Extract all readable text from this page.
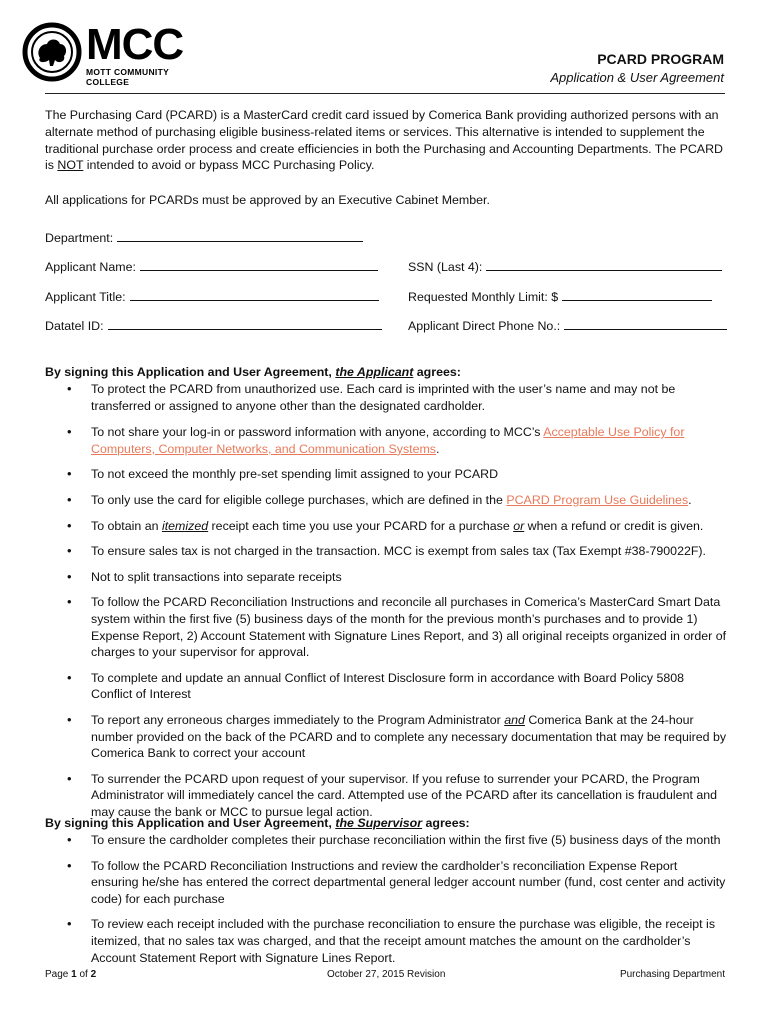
MCC
MOTT COMMUNITY COLLEGE
PCARD PROGRAM
Application & User Agreement
The Purchasing Card (PCARD) is a MasterCard credit card issued by Comerica Bank providing authorized persons with an alternate method of purchasing eligible business-related items or services. This alternative is intended to supplement the traditional purchase order process and create efficiencies in both the Purchasing and Accounting Departments. The PCARD is NOT intended to avoid or bypass MCC Purchasing Policy.
All applications for PCARDs must be approved by an Executive Cabinet Member.
Department:
Applicant Name:	SSN (Last 4):
Applicant Title:	Requested Monthly Limit: $
Datatel ID:	Applicant Direct Phone No.:
By signing this Application and User Agreement, the Applicant agrees:
• To protect the PCARD from unauthorized use. Each card is imprinted with the user’s name and may not be transferred or assigned to anyone other than the designated cardholder.
• To not share your log-in or password information with anyone, according to MCC’s Acceptable Use Policy for Computers, Computer Networks, and Communication Systems.
• To not exceed the monthly pre-set spending limit assigned to your PCARD
• To only use the card for eligible college purchases, which are defined in the PCARD Program Use Guidelines.
• To obtain an itemized receipt each time you use your PCARD for a purchase or when a refund or credit is given.
• To ensure sales tax is not charged in the transaction. MCC is exempt from sales tax (Tax Exempt #38-790022F).
• Not to split transactions into separate receipts
• To follow the PCARD Reconciliation Instructions and reconcile all purchases in Comerica’s MasterCard Smart Data system within the first five (5) business days of the month for the previous month’s purchases and to provide 1) Expense Report, 2) Account Statement with Signature Lines Report, and 3) all original receipts organized in order of charges to your supervisor for approval.
• To complete and update an annual Conflict of Interest Disclosure form in accordance with Board Policy 5808 Conflict of Interest
• To report any erroneous charges immediately to the Program Administrator and Comerica Bank at the 24-hour number provided on the back of the PCARD and to complete any necessary documentation that may be required by Comerica Bank to correct your account
• To surrender the PCARD upon request of your supervisor. If you refuse to surrender your PCARD, the Program Administrator will immediately cancel the card. Attempted use of the PCARD after its cancellation is fraudulent and may cause the bank or MCC to pursue legal action.
By signing this Application and User Agreement, the Supervisor agrees:
• To ensure the cardholder completes their purchase reconciliation within the first five (5) business days of the month
• To follow the PCARD Reconciliation Instructions and review the cardholder’s reconciliation Expense Report ensuring he/she has entered the correct departmental general ledger account number (fund, cost center and activity code) for each purchase
• To review each receipt included with the purchase reconciliation to ensure the purchase was eligible, the receipt is itemized, that no sales tax was charged, and that the receipt amount matches the amount on the cardholder’s Account Statement Report with Signature Lines Report.
Page 1 of 2	October 27, 2015 Revision	Purchasing Department
